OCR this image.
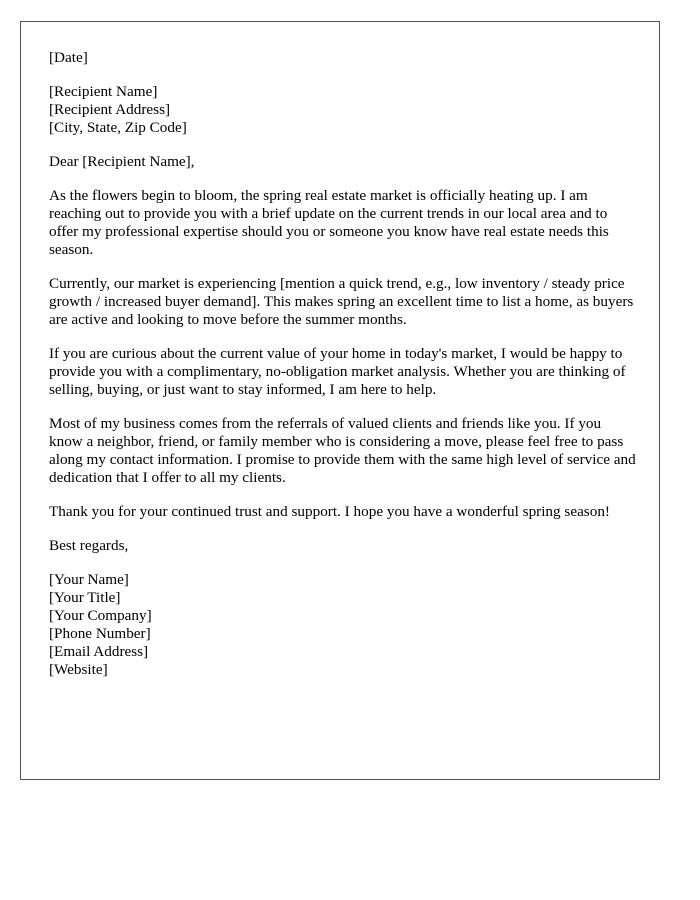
[Date]
[Recipient Name]
[Recipient Address]
[City, State, Zip Code]
Dear [Recipient Name],

As the flowers begin to bloom, the spring real estate market is officially heating up. I am reaching out to provide you with a brief update on the current trends in our local area and to offer my professional expertise should you or someone you know have real estate needs this season.

Currently, our market is experiencing [mention a quick trend, e.g., low inventory / steady price growth / increased buyer demand]. This makes spring an excellent time to list a home, as buyers are active and looking to move before the summer months.

If you are curious about the current value of your home in today's market, I would be happy to provide you with a complimentary, no-obligation market analysis. Whether you are thinking of selling, buying, or just want to stay informed, I am here to help.

Most of my business comes from the referrals of valued clients and friends like you. If you know a neighbor, friend, or family member who is considering a move, please feel free to pass along my contact information. I promise to provide them with the same high level of service and dedication that I offer to all my clients.

Thank you for your continued trust and support. I hope you have a wonderful spring season!

Best regards,
[Your Name]
[Your Title]
[Your Company]
[Phone Number]
[Email Address]
[Website]
